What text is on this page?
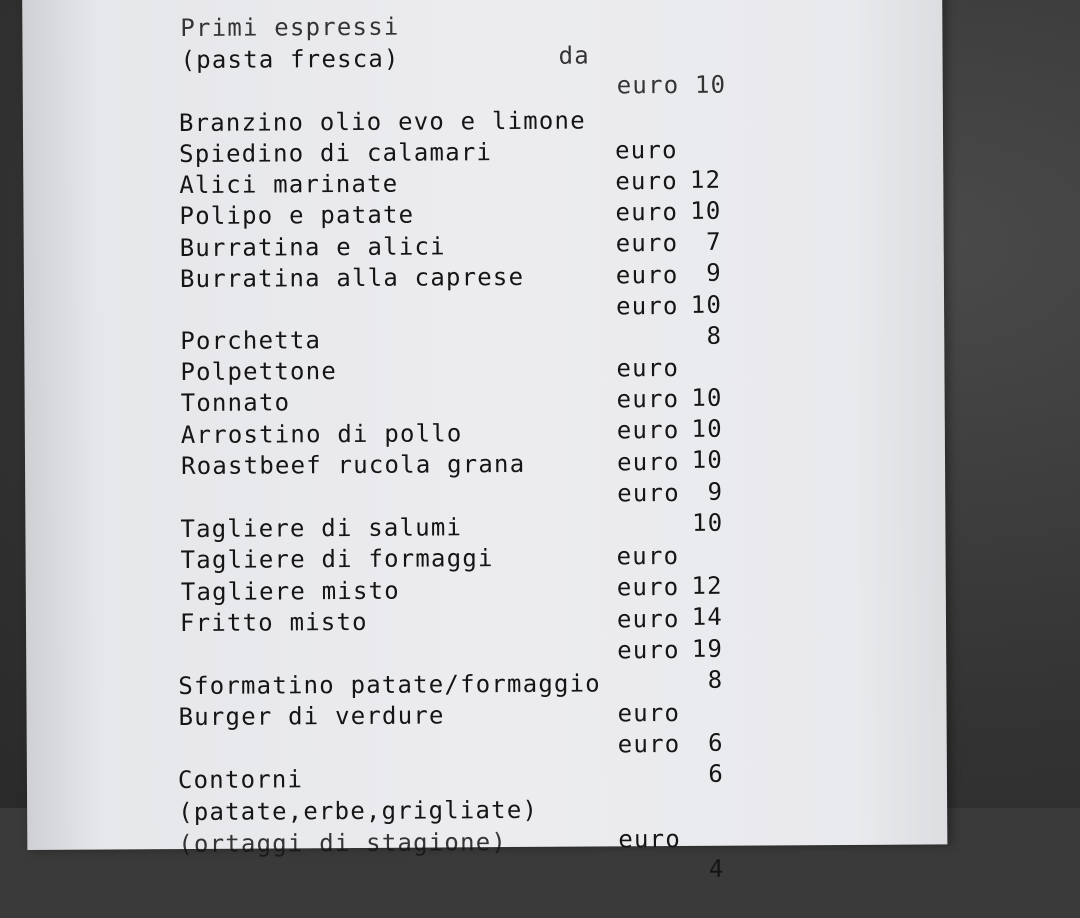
Primi espressi

da

euro 10

(pasta fresca)

Branzino olio evo e limone

euro

12

Spiedino di calamari

euro

10

Alici marinate

euro

7

Polipo e patate

euro

9

Burratina e alici

euro

10

Burratina alla caprese

euro

8

Porchetta

euro

10

Polpettone

euro

10

Tonnato

euro

10

Arrostino di pollo

euro

9

Roastbeef rucola grana

euro

10

Tagliere di salumi

euro

12

Tagliere di formaggi

euro

14

Tagliere misto

euro

19

Fritto misto

euro

8

Sformatino patate/formaggio

euro

6

Burger di verdure

euro

6

Contorni

(patate,erbe,grigliate)

euro

4

(ortaggi di stagione)
